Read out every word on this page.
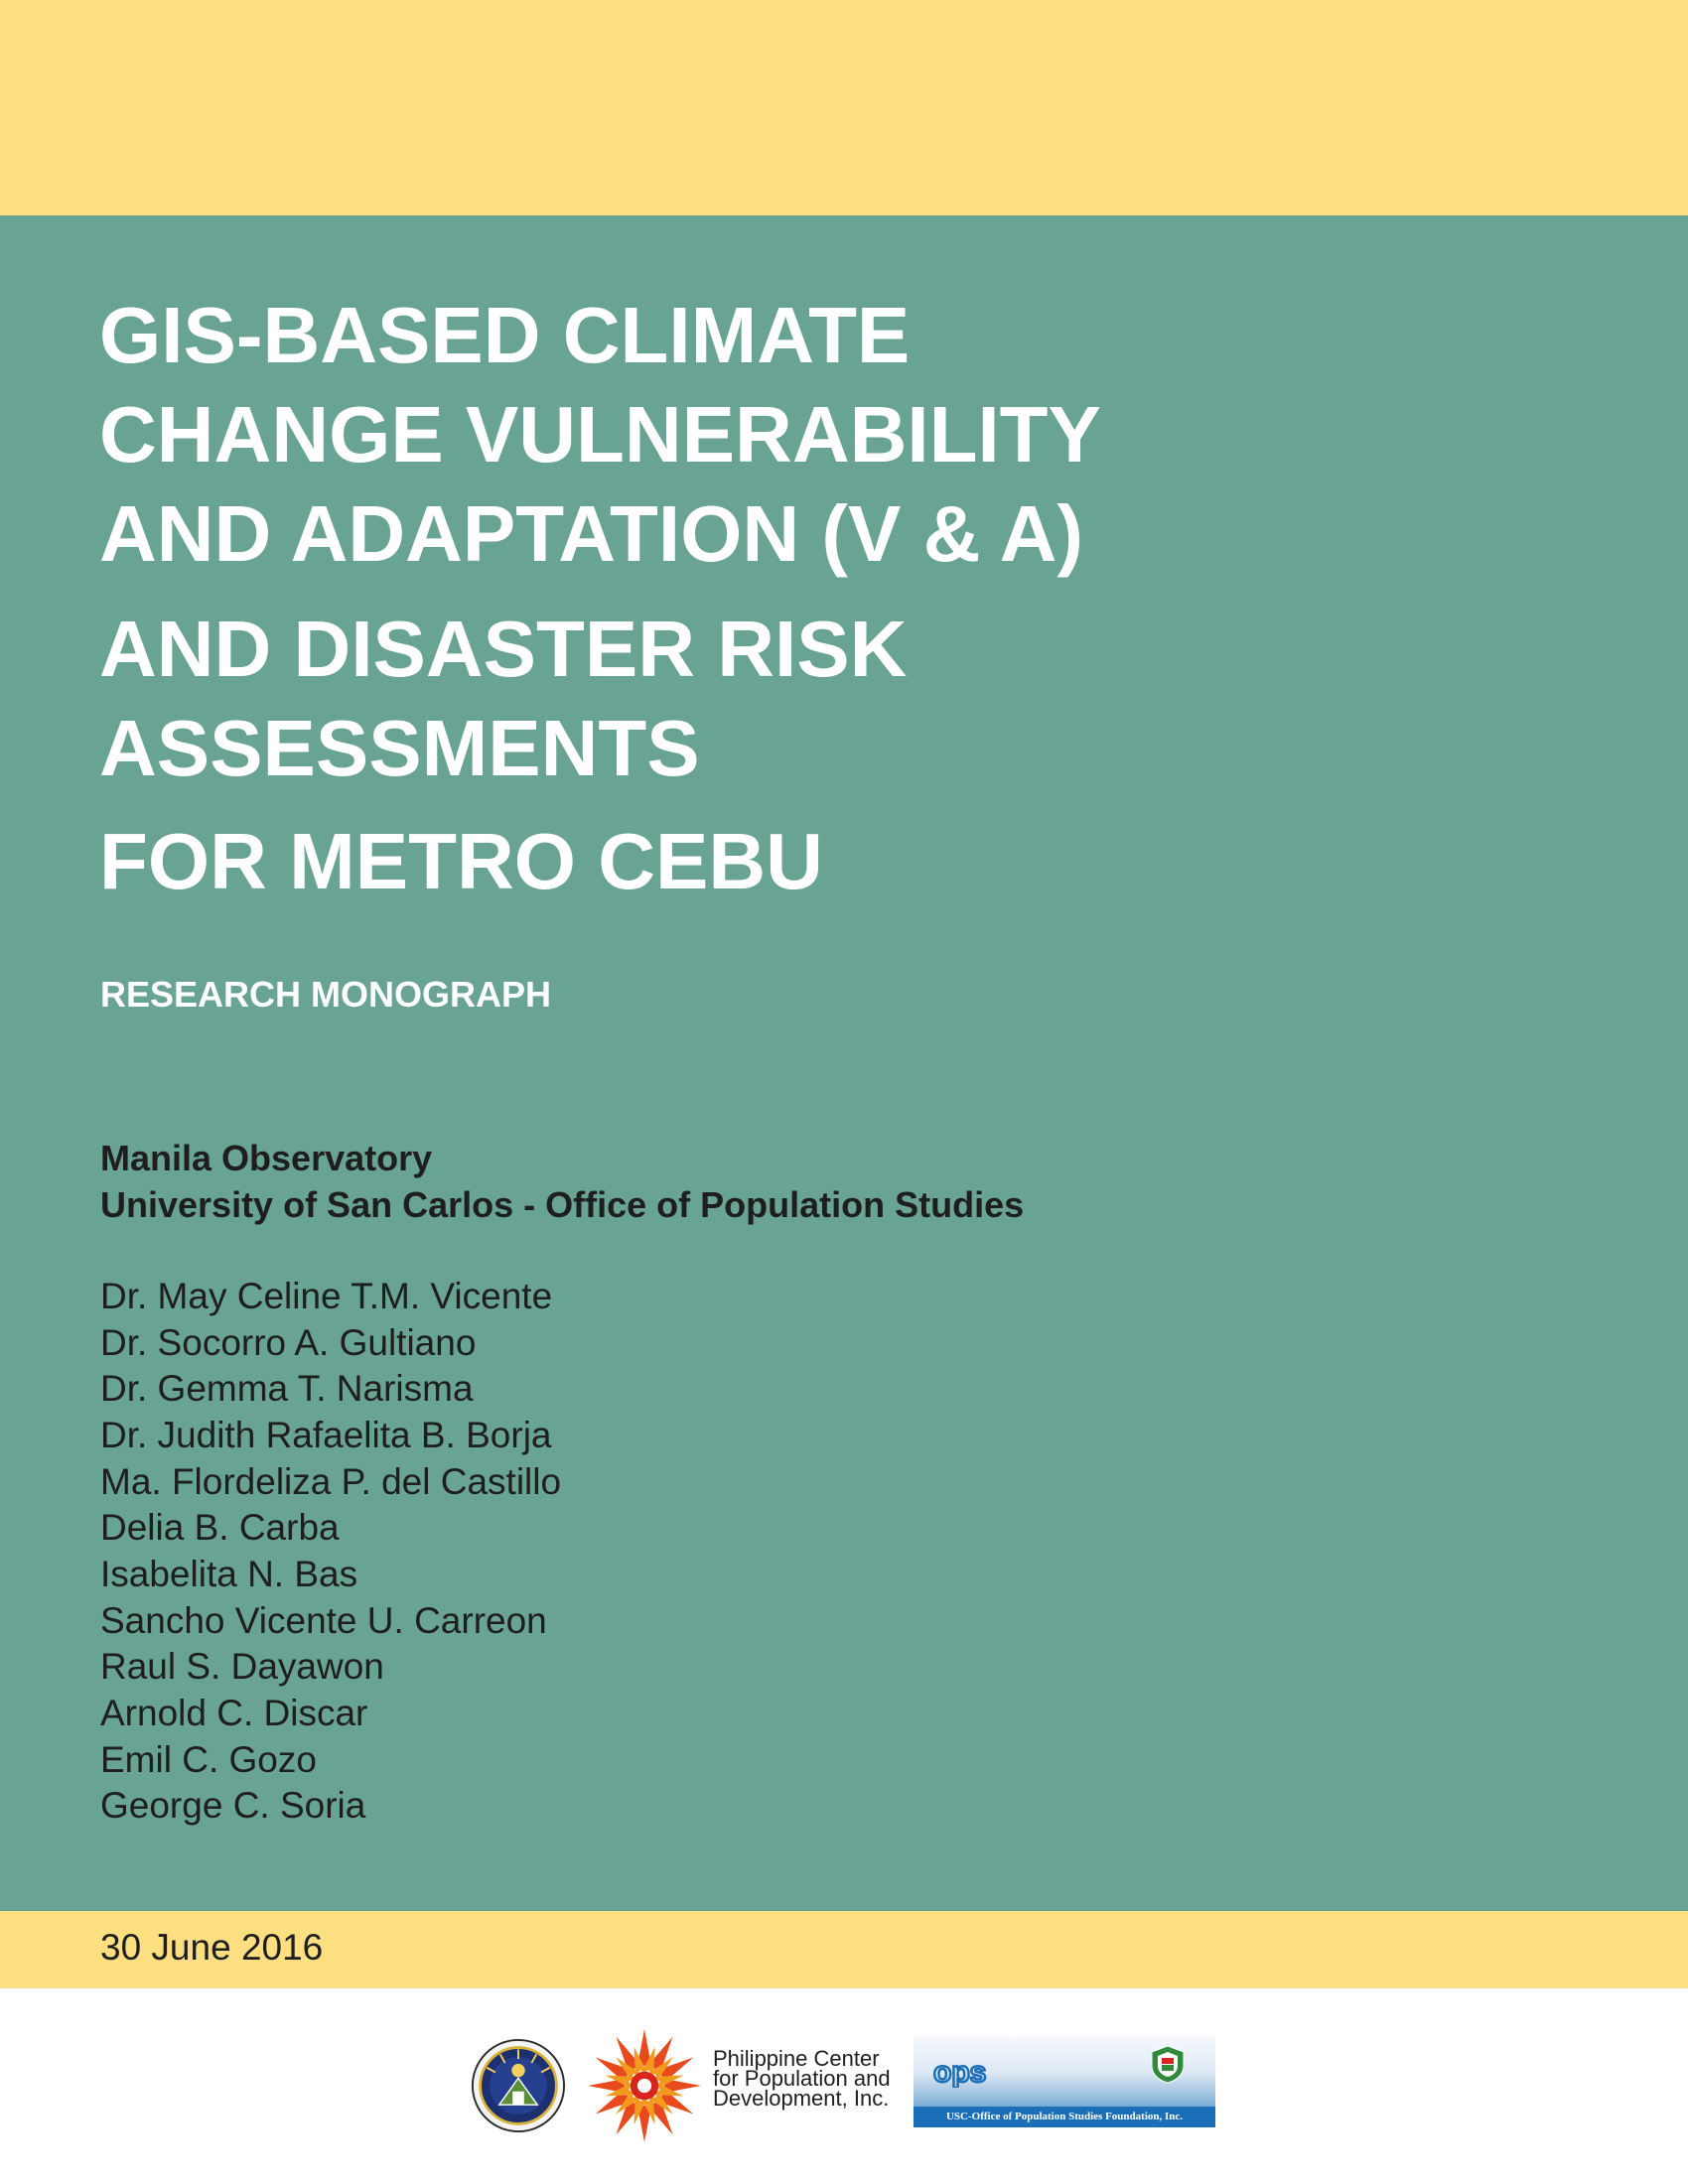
GIS-BASED CLIMATE
CHANGE VULNERABILITY
AND ADAPTATION (V & A)
AND DISASTER RISK
ASSESSMENTS
FOR METRO CEBU
RESEARCH MONOGRAPH
Manila Observatory
University of San Carlos - Office of Population Studies
Dr. May Celine T.M. Vicente
Dr. Socorro A. Gultiano
Dr. Gemma T. Narisma
Dr. Judith Rafaelita B. Borja
Ma. Flordeliza P. del Castillo
Delia B. Carba
Isabelita N. Bas
Sancho Vicente U. Carreon
Raul S. Dayawon
Arnold C. Discar
Emil C. Gozo
George C. Soria
30 June 2016
Philippine Center
for Population and
Development, Inc.
ops
USC-Office of Population Studies Foundation, Inc.
